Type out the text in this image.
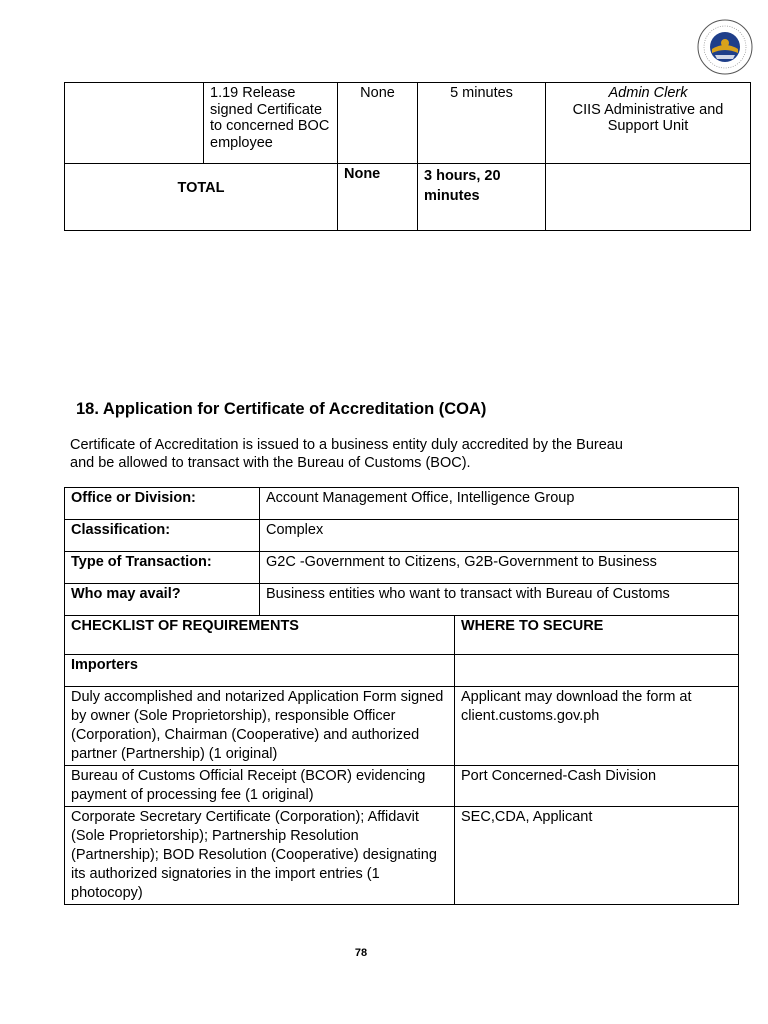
	1.19 Release signed Certificate to concerned BOC employee	None	5 minutes	Admin Clerk
CIIS Administrative and Support Unit

TOTAL		None	3 hours, 20 minutes	
18. Application for Certificate of Accreditation (COA)

Certificate of Accreditation is issued to a business entity duly accredited by the Bureau and be allowed to transact with the Bureau of Customs (BOC).

Office or Division:	Account Management Office, Intelligence Group	
Classification:	Complex	
Type of Transaction:	G2C -Government to Citizens, G2B-Government to Business	
Who may avail?	Business entities who want to transact with Bureau of Customs	
CHECKLIST OF REQUIREMENTS		WHERE TO SECURE
Importers		
Duly accomplished and notarized Application Form signed by owner (Sole Proprietorship), responsible Officer (Corporation), Chairman (Cooperative) and authorized partner (Partnership) (1 original)		Applicant may download the form at client.customs.gov.ph
Bureau of Customs Official Receipt (BCOR) evidencing payment of processing fee (1 original)		Port Concerned-Cash Division
Corporate Secretary Certificate (Corporation); Affidavit (Sole Proprietorship); Partnership Resolution (Partnership); BOD Resolution (Cooperative) designating its authorized signatories in the import entries (1 photocopy)		SEC,CDA, Applicant
78
